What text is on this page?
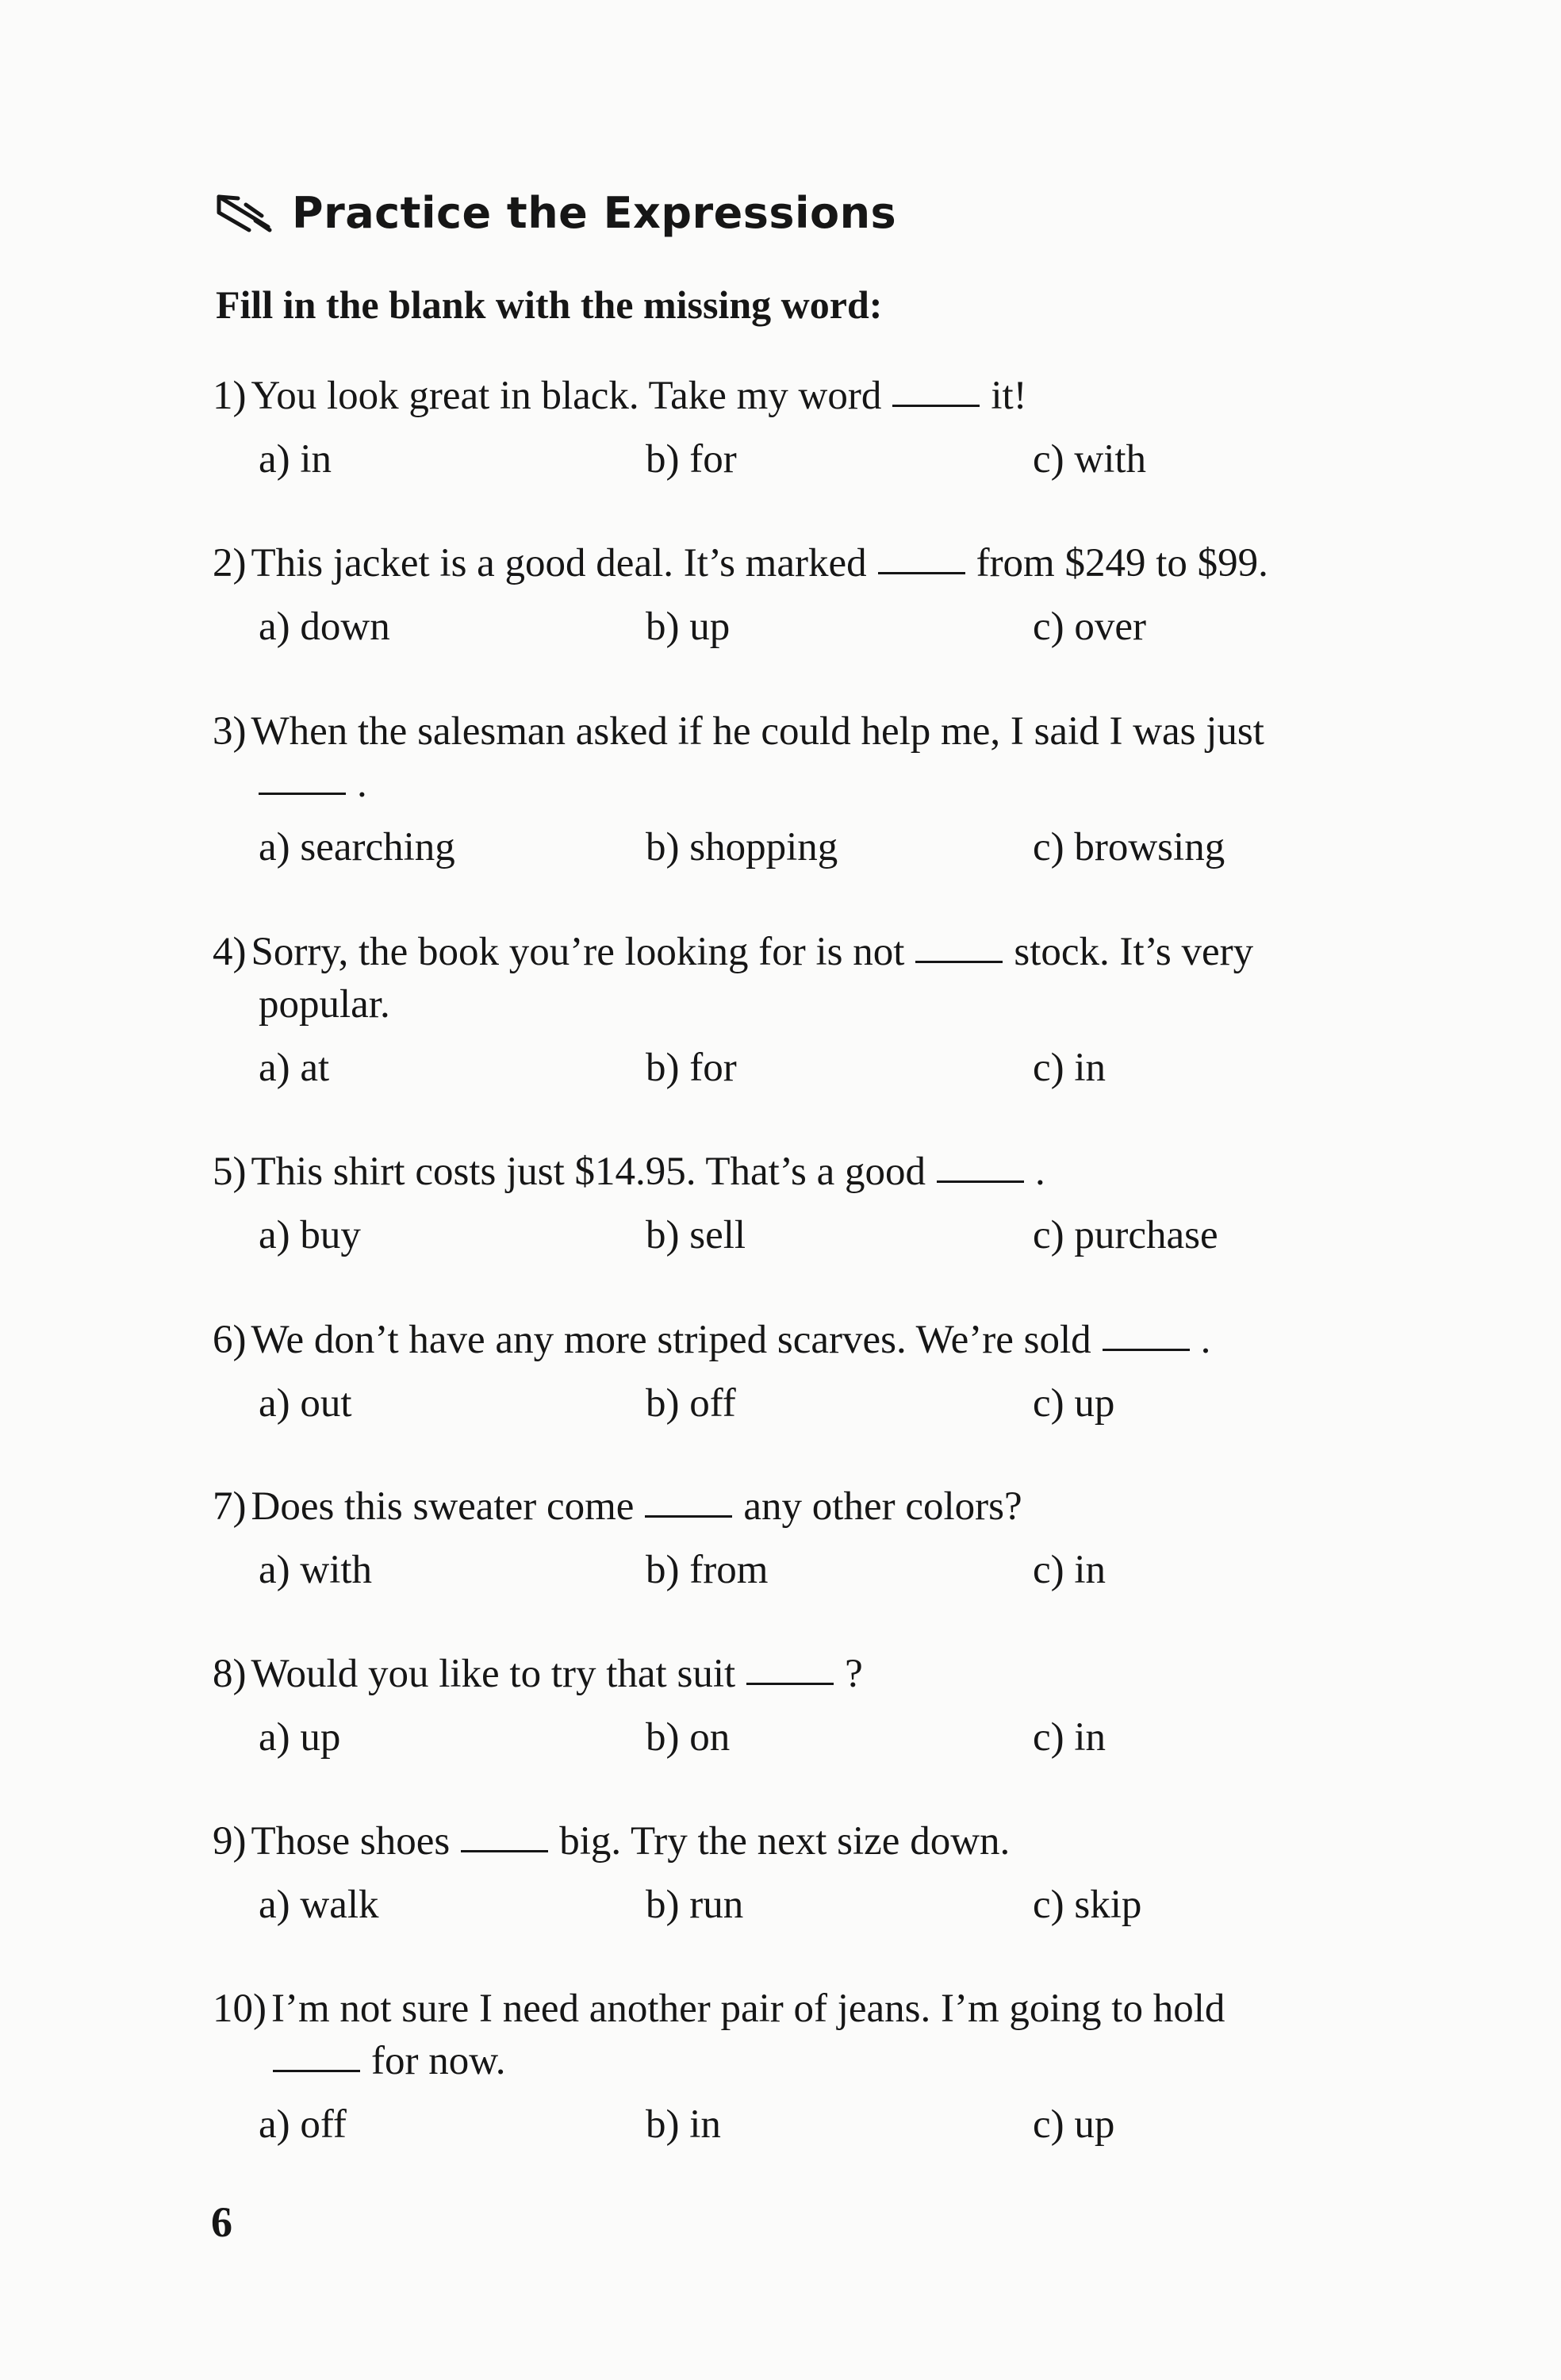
Practice the Expressions
Fill in the blank with the missing word:
1) You look great in black. Take my word	it!
a) in	b) for	c) with
2) This jacket is a good deal. It’s marked	from $249 to $99.
a) down	b) up	c) over
3) When the salesman asked if he could help me, I said I was just
.
a) searching	b) shopping	c) browsing
4) Sorry, the book you’re looking for is not	stock. It’s very
popular.
a) at	b) for	c) in
5) This shirt costs just $14.95. That’s a good	.
a) buy	b) sell	c) purchase
6) We don’t have any more striped scarves. We’re sold	.
a) out	b) off	c) up
7) Does this sweater come	any other colors?
a) with	b) from	c) in
8) Would you like to try that suit	?
a) up	b) on	c) in
9) Those shoes	big. Try the next size down.
a) walk	b) run	c) skip
10) I’m not sure I need another pair of jeans. I’m going to hold
for now.
a) off	b) in	c) up
6
